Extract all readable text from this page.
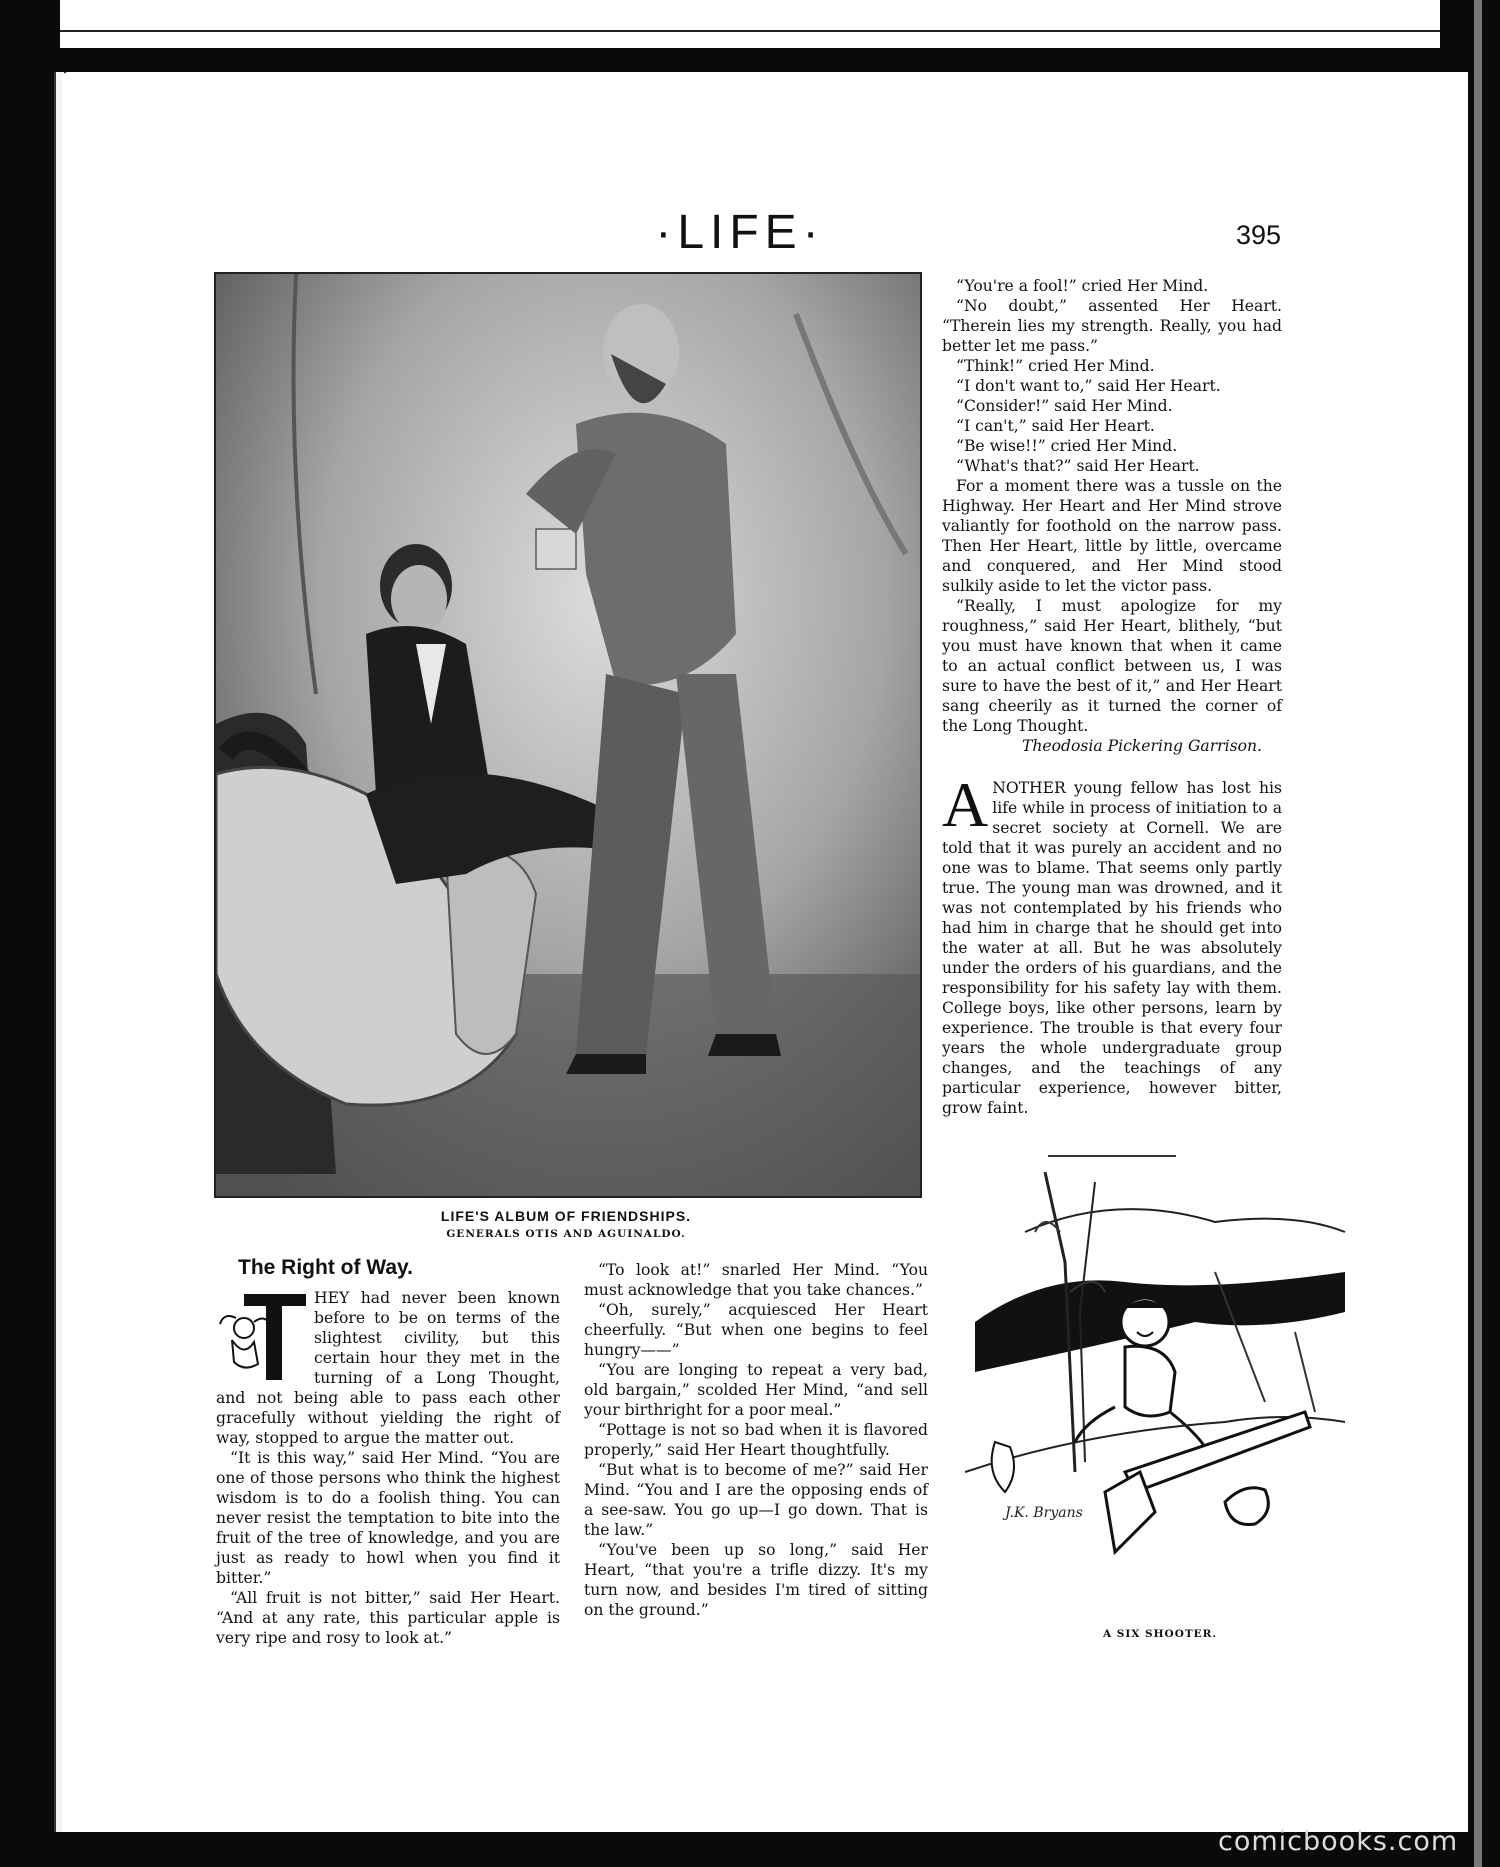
·LIFE·	395
LIFE'S ALBUM OF FRIENDSHIPS.
GENERALS OTIS AND AGUINALDO.

“You're a fool!” cried Her Mind.

“No doubt,” assented Her Heart. “Therein lies my strength. Really, you had better let me pass.”

“Think!” cried Her Mind.

“I don't want to,” said Her Heart.

“Consider!” said Her Mind.

“I can't,” said Her Heart.

“Be wise!!” cried Her Mind.

“What's that?” said Her Heart.

For a moment there was a tussle on the Highway. Her Heart and Her Mind strove valiantly for foothold on the narrow pass. Then Her Heart, little by little, overcame and conquered, and Her Mind stood sulkily aside to let the victor pass.

“Really, I must apologize for my roughness,” said Her Heart, blithely, “but you must have known that when it came to an actual conflict between us, I was sure to have the best of it,” and Her Heart sang cheerily as it turned the corner of the Long Thought.

Theodosia Pickering Garrison.

ANOTHER young fellow has lost his life while in process of initiation to a secret society at Cornell. We are told that it was purely an accident and no one was to blame. That seems only partly true. The young man was drowned, and it was not contemplated by his friends who had him in charge that he should get into the water at all. But he was absolutely under the orders of his guardians, and the responsibility for his safety lay with them. College boys, like other persons, learn by experience. The trouble is that every four years the whole undergraduate group changes, and the teachings of any particular experience, however bitter, grow faint.
J.K. Bryans
A SIX SHOOTER.
The Right of Way.

HEY had never been known before to be on terms of the slightest civility, but this certain hour they met in the turning of a Long Thought, and not being able to pass each other gracefully without yielding the right of way, stopped to argue the matter out.

“It is this way,” said Her Mind. “You are one of those persons who think the highest wisdom is to do a foolish thing. You can never resist the temptation to bite into the fruit of the tree of knowledge, and you are just as ready to howl when you find it bitter.”

“All fruit is not bitter,” said Her Heart. “And at any rate, this particular apple is very ripe and rosy to look at.”

“To look at!” snarled Her Mind. “You must acknowledge that you take chances.”

“Oh, surely,” acquiesced Her Heart cheerfully. “But when one begins to feel hungry——”

“You are longing to repeat a very bad, old bargain,” scolded Her Mind, “and sell your birthright for a poor meal.”

“Pottage is not so bad when it is flavored properly,” said Her Heart thoughtfully.

“But what is to become of me?” said Her Mind. “You and I are the opposing ends of a see-saw. You go up—I go down. That is the law.”

“You've been up so long,” said Her Heart, “that you're a trifle dizzy. It's my turn now, and besides I'm tired of sitting on the ground.”

comicbooks.com
